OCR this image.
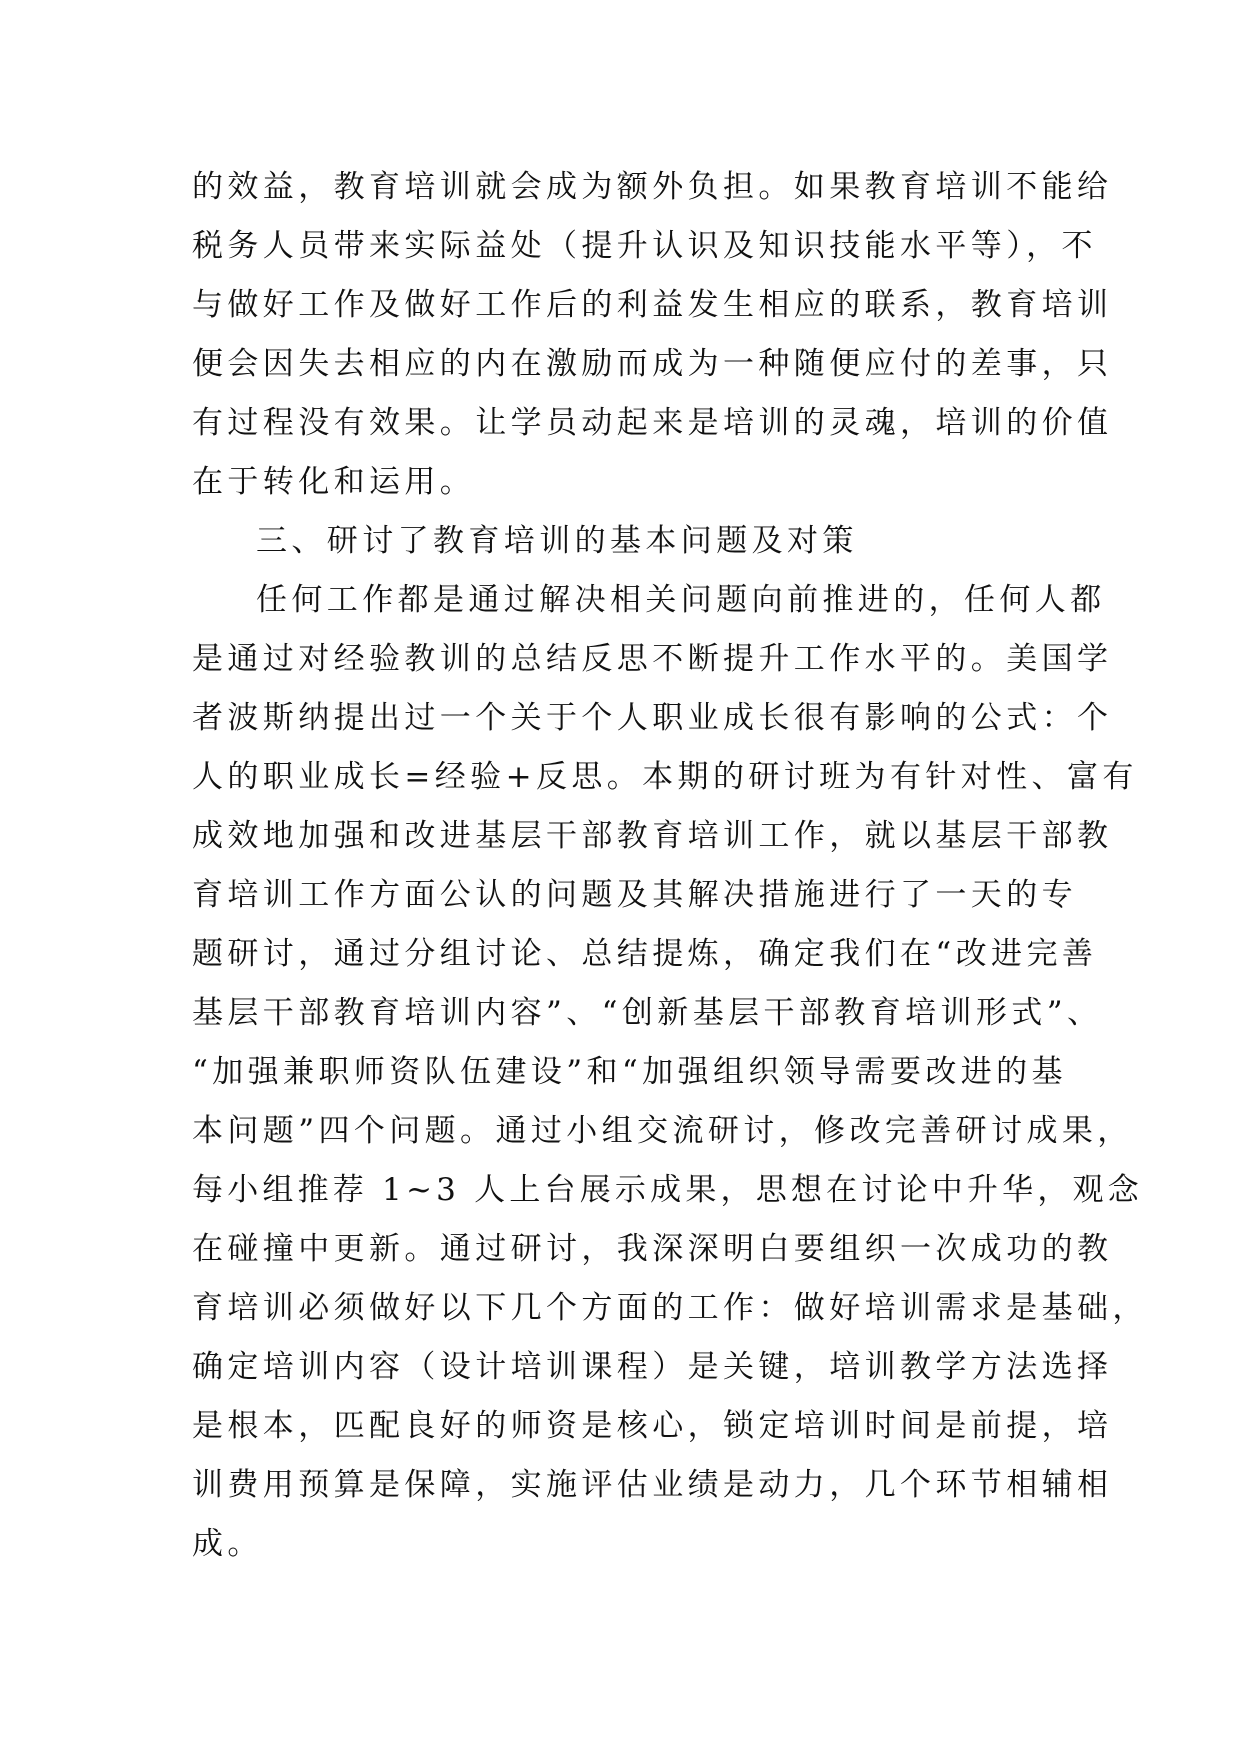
的效益，教育培训就会成为额外负担。如果教育培训不能给
税务人员带来实际益处（提升认识及知识技能水平等），不
与做好工作及做好工作后的利益发生相应的联系，教育培训
便会因失去相应的内在激励而成为一种随便应付的差事，只
有过程没有效果。让学员动起来是培训的灵魂，培训的价值
在于转化和运用。
三、研讨了教育培训的基本问题及对策
任何工作都是通过解决相关问题向前推进的，任何人都
是通过对经验教训的总结反思不断提升工作水平的。美国学
者波斯纳提出过一个关于个人职业成长很有影响的公式：个
人的职业成长=经验+反思。本期的研讨班为有针对性、富有
成效地加强和改进基层干部教育培训工作，就以基层干部教
育培训工作方面公认的问题及其解决措施进行了一天的专
题研讨，通过分组讨论、总结提炼，确定我们在“改进完善
基层干部教育培训内容”、“创新基层干部教育培训形式”、
“加强兼职师资队伍建设”和“加强组织领导需要改进的基
本问题”四个问题。通过小组交流研讨，修改完善研讨成果，
每小组推荐 1~3 人上台展示成果，思想在讨论中升华，观念
在碰撞中更新。通过研讨，我深深明白要组织一次成功的教
育培训必须做好以下几个方面的工作：做好培训需求是基础，
确定培训内容（设计培训课程）是关键，培训教学方法选择
是根本，匹配良好的师资是核心，锁定培训时间是前提，培
训费用预算是保障，实施评估业绩是动力，几个环节相辅相
成。
